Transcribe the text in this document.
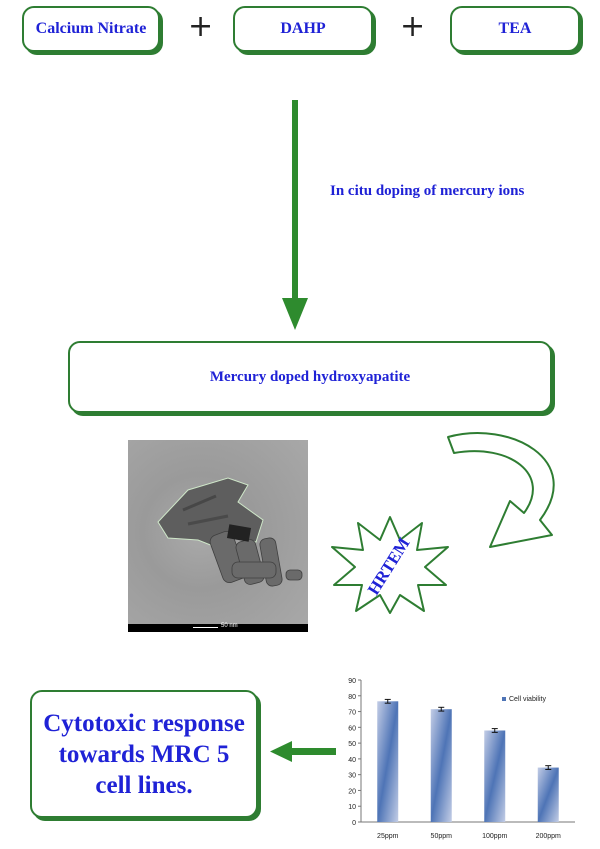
Calcium Nitrate +	DAHP +	TEA
In citu doping of mercury ions
Mercury doped hydroxyapatite
50 nm
HRTEM
Cytotoxic response
towards MRC 5
cell lines.
0
10
20
30
40
50
60
70
80
90
25ppm	50ppm	100ppm	200ppm
Cell viability
